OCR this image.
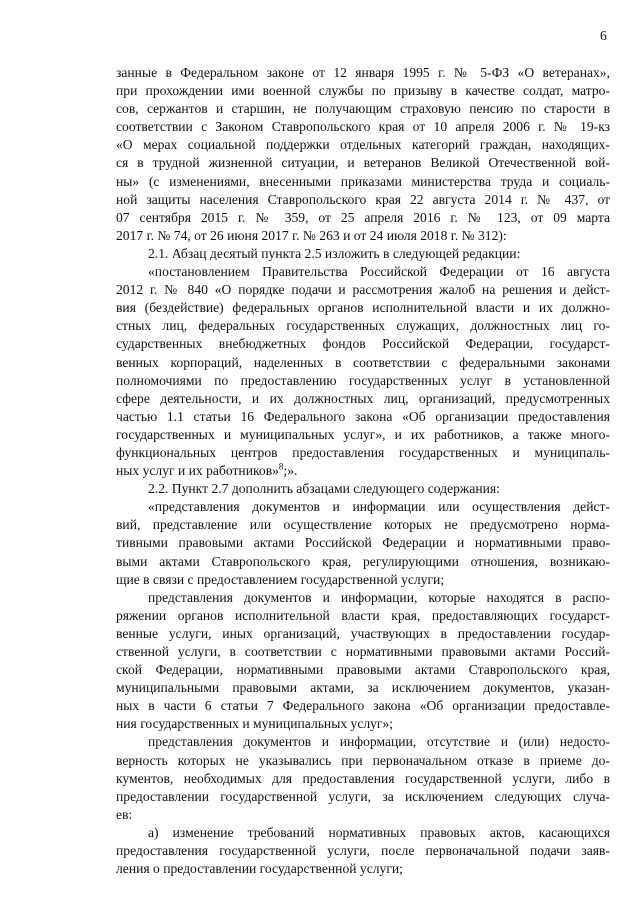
6
занные в Федеральном законе от 12 января 1995 г. № 5-ФЗ «О ветеранах»,
при прохождении ими военной службы по призыву в качестве солдат, матро-
сов, сержантов и старшин, не получающим страховую пенсию по старости в
соответствии с Законом Ставропольского края от 10 апреля 2006 г. № 19-кз
«О мерах социальной поддержки отдельных категорий граждан, находящих-
ся в трудной жизненной ситуации, и ветеранов Великой Отечественной вой-
ны» (с изменениями, внесенными приказами министерства труда и социаль-
ной защиты населения Ставропольского края 22 августа 2014 г. № 437, от
07 сентября 2015 г. № 359, от 25 апреля 2016 г. № 123, от 09 марта
2017 г. № 74, от 26 июня 2017 г. № 263 и от 24 июля 2018 г. № 312):
2.1. Абзац десятый пункта 2.5 изложить в следующей редакции:
«постановлением Правительства Российской Федерации от 16 августа
2012 г. № 840 «О порядке подачи и рассмотрения жалоб на решения и дейст-
вия (бездействие) федеральных органов исполнительной власти и их должно-
стных лиц, федеральных государственных служащих, должностных лиц го-
сударственных внебюджетных фондов Российской Федерации, государст-
венных корпораций, наделенных в соответствии с федеральными законами
полномочиями по предоставлению государственных услуг в установленной
сфере деятельности, и их должностных лиц, организаций, предусмотренных
частью 1.1 статьи 16 Федерального закона «Об организации предоставления
государственных и муниципальных услуг», и их работников, а также много-
функциональных центров предоставления государственных и муниципаль-
ных услуг и их работников»$^8$;».
2.2. Пункт 2.7 дополнить абзацами следующего содержания:
«представления документов и информации или осуществления дейст-
вий, представление или осуществление которых не предусмотрено норма-
тивными правовыми актами Российской Федерации и нормативными право-
выми актами Ставропольского края, регулирующими отношения, возникаю-
щие в связи с предоставлением государственной услуги;
представления документов и информации, которые находятся в распо-
ряжении органов исполнительной власти края, предоставляющих государст-
венные услуги, иных организаций, участвующих в предоставлении государ-
ственной услуги, в соответствии с нормативными правовыми актами Россий-
ской Федерации, нормативными правовыми актами Ставропольского края,
муниципальными правовыми актами, за исключением документов, указан-
ных в части 6 статьи 7 Федерального закона «Об организации предоставле-
ния государственных и муниципальных услуг»;
представления документов и информации, отсутствие и (или) недосто-
верность которых не указывались при первоначальном отказе в приеме до-
кументов, необходимых для предоставления государственной услуги, либо в
предоставлении государственной услуги, за исключением следующих случа-
ев:
а) изменение требований нормативных правовых актов, касающихся
предоставления государственной услуги, после первоначальной подачи заяв-
ления о предоставлении государственной услуги;
